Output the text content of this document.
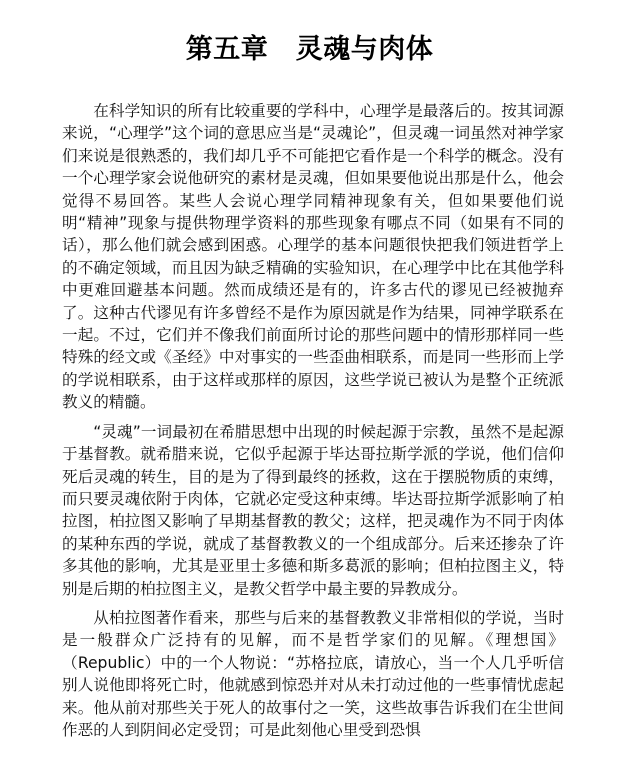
第五章　灵魂与肉体

在科学知识的所有比较重要的学科中，心理学是最落后的。按其词源来说，“心理学”这个词的意思应当是“灵魂论”，但灵魂一词虽然对神学家们来说是很熟悉的，我们却几乎不可能把它看作是一个科学的概念。没有一个心理学家会说他研究的素材是灵魂，但如果要他说出那是什么，他会觉得不易回答。某些人会说心理学同精神现象有关，但如果要他们说明“精神”现象与提供物理学资料的那些现象有哪点不同（如果有不同的话），那么他们就会感到困惑。心理学的基本问题很快把我们领进哲学上的不确定领域，而且因为缺乏精确的实验知识，在心理学中比在其他学科中更难回避基本问题。然而成绩还是有的，许多古代的谬见已经被抛弃了。这种古代谬见有许多曾经不是作为原因就是作为结果，同神学联系在一起。不过，它们并不像我们前面所讨论的那些问题中的情形那样同一些特殊的经文或《圣经》中对事实的一些歪曲相联系，而是同一些形而上学的学说相联系，由于这样或那样的原因，这些学说已被认为是整个正统派教义的精髓。

“灵魂”一词最初在希腊思想中出现的时候起源于宗教，虽然不是起源于基督教。就希腊来说，它似乎起源于毕达哥拉斯学派的学说，他们信仰死后灵魂的转生，目的是为了得到最终的拯救，这在于摆脱物质的束缚，而只要灵魂依附于肉体，它就必定受这种束缚。毕达哥拉斯学派影响了柏拉图，柏拉图又影响了早期基督教的教父；这样，把灵魂作为不同于肉体的某种东西的学说，就成了基督教教义的一个组成部分。后来还掺杂了许多其他的影响，尤其是亚里士多德和斯多葛派的影响；但柏拉图主义，特别是后期的柏拉图主义，是教父哲学中最主要的异教成分。

从柏拉图著作看来，那些与后来的基督教教义非常相似的学说，当时是一般群众广泛持有的见解，而不是哲学家们的见解。《理想国》（Republic）中的一个人物说：“苏格拉底，请放心，当一个人几乎听信别人说他即将死亡时，他就感到惊恐并对从未打动过他的一些事情忧虑起来。他从前对那些关于死人的故事付之一笑，这些故事告诉我们在尘世间作恶的人到阴间必定受罚；可是此刻他心里受到恐惧
